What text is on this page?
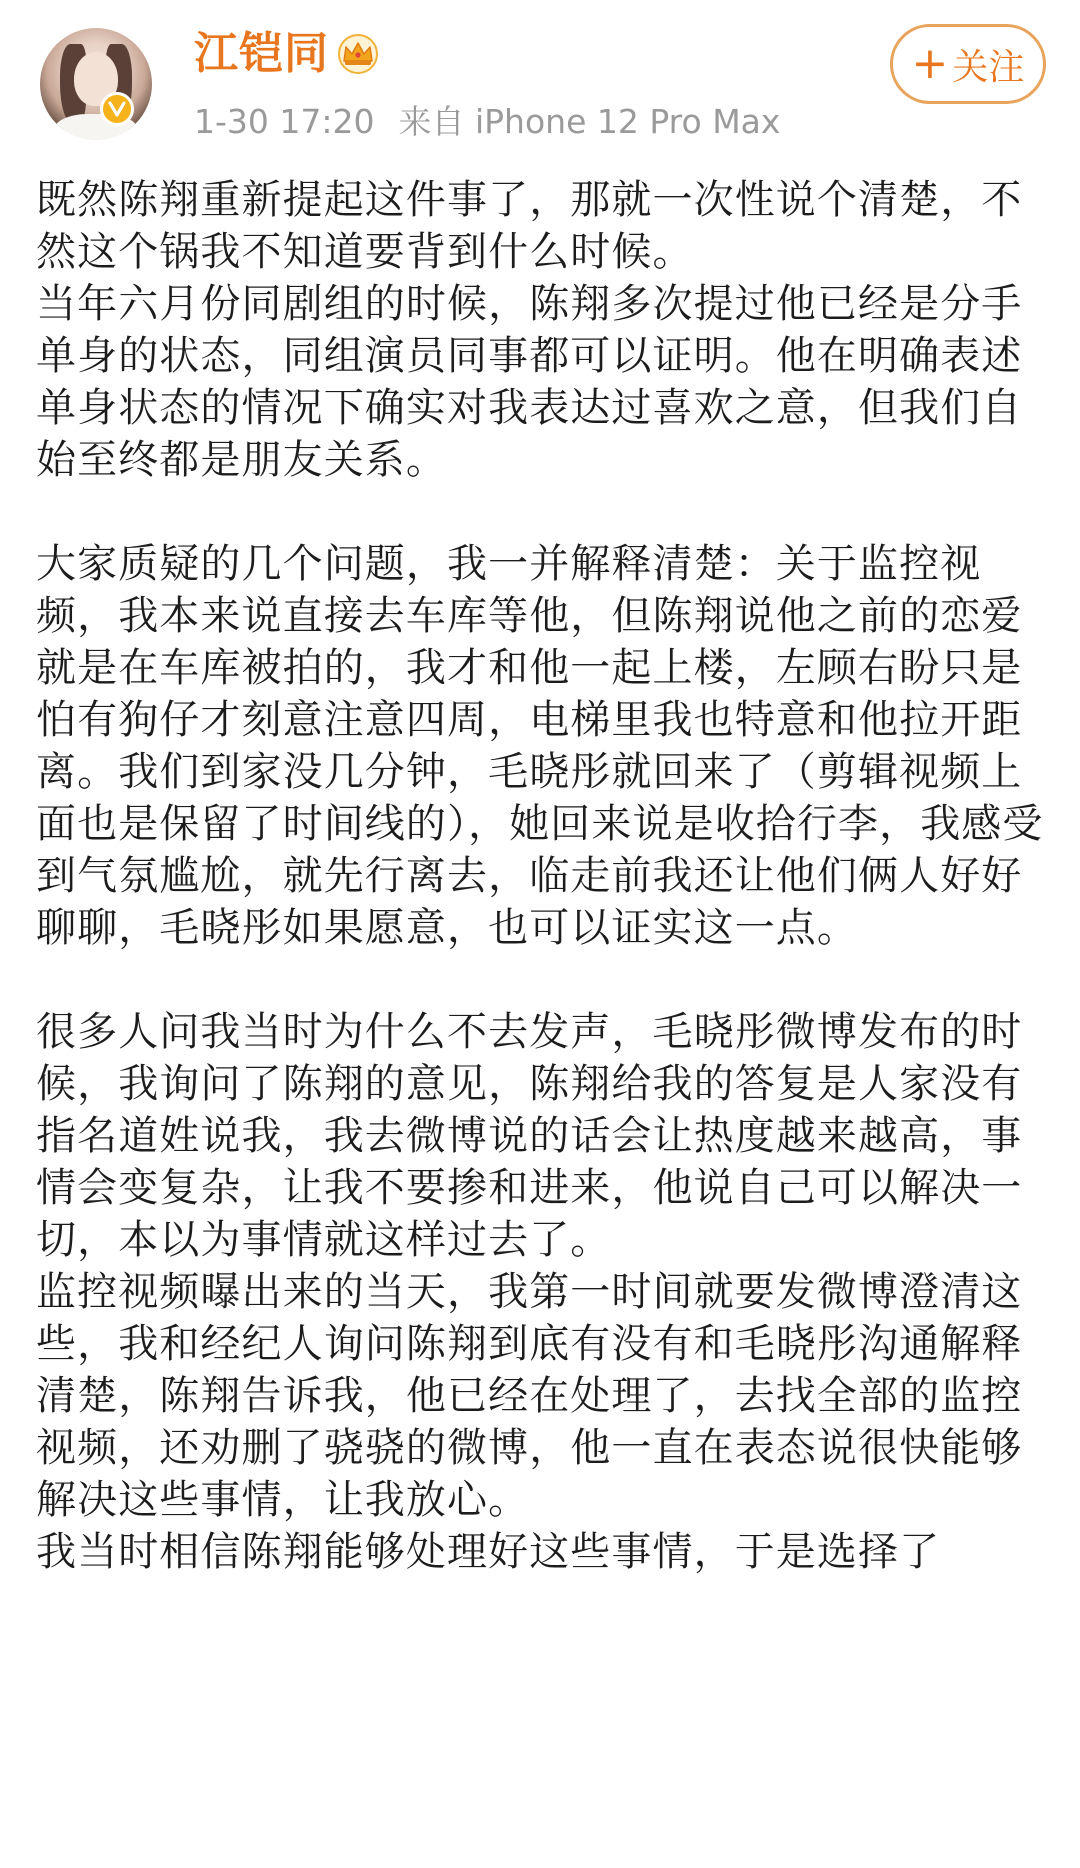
江铠同
1-30 17:20 来自 iPhone 12 Pro Max
+ 关注

既然陈翔重新提起这件事了，那就一次性说个清楚，不然这个锅我不知道要背到什么时候。

当年六月份同剧组的时候，陈翔多次提过他已经是分手单身的状态，同组演员同事都可以证明。他在明确表述单身状态的情况下确实对我表达过喜欢之意，但我们自始至终都是朋友关系。

大家质疑的几个问题，我一并解释清楚：关于监控视频，我本来说直接去车库等他，但陈翔说他之前的恋爱就是在车库被拍的，我才和他一起上楼，左顾右盼只是怕有狗仔才刻意注意四周，电梯里我也特意和他拉开距离。我们到家没几分钟，毛晓彤就回来了（剪辑视频上面也是保留了时间线的），她回来说是收拾行李，我感受到气氛尴尬，就先行离去，临走前我还让他们俩人好好聊聊，毛晓彤如果愿意，也可以证实这一点。

很多人问我当时为什么不去发声，毛晓彤微博发布的时候，我询问了陈翔的意见，陈翔给我的答复是人家没有指名道姓说我，我去微博说的话会让热度越来越高，事情会变复杂，让我不要掺和进来，他说自己可以解决一切，本以为事情就这样过去了。

监控视频曝出来的当天，我第一时间就要发微博澄清这些，我和经纪人询问陈翔到底有没有和毛晓彤沟通解释清楚，陈翔告诉我，他已经在处理了，去找全部的监控视频，还劝删了骁骁的微博，他一直在表态说很快能够解决这些事情，让我放心。

我当时相信陈翔能够处理好这些事情，于是选择了
